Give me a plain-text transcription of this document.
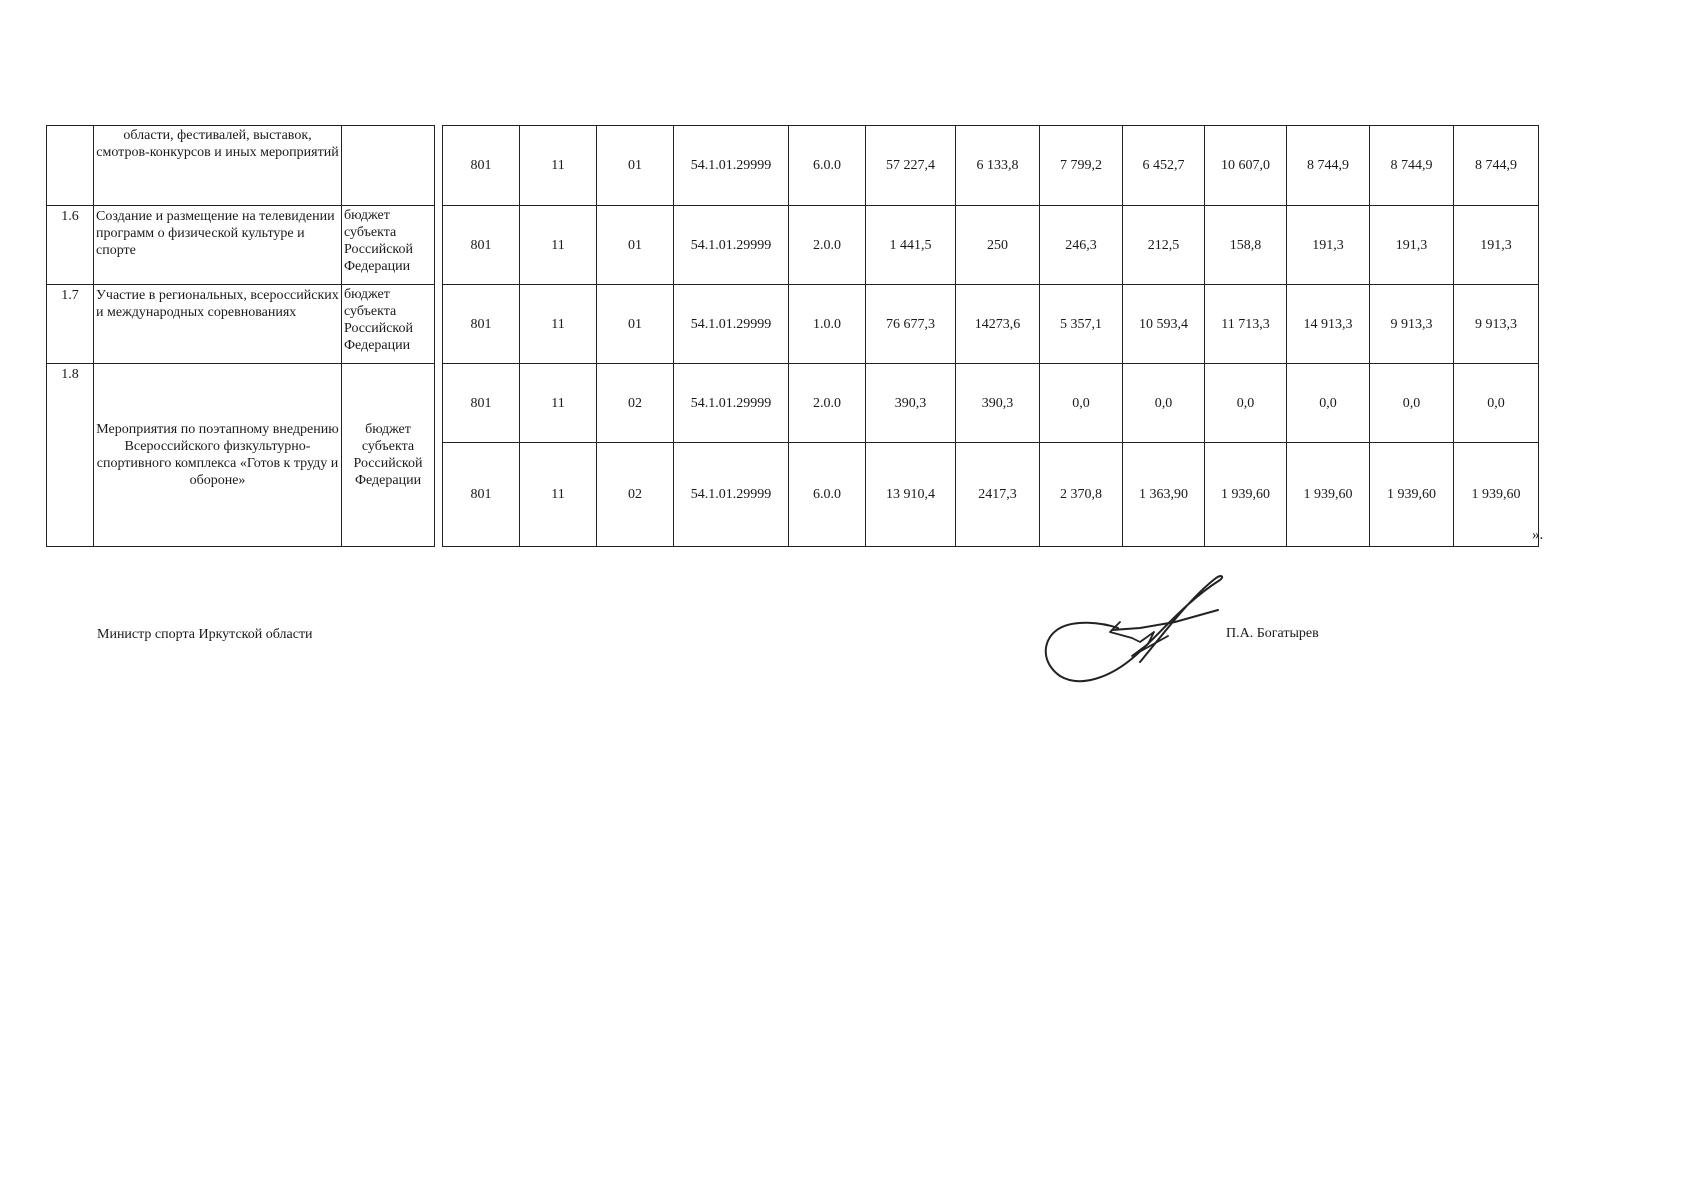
	области, фестивалей, выставок, смотров-конкурсов и иных мероприятий			801	11	01	54.1.01.29999	6.0.0	57 227,4	6 133,8	7 799,2	6 452,7	10 607,0	8 744,9	8 744,9	8 744,9
1.6	Создание и размещение на телевидении программ о физической культуре и спорте	бюджет субъекта Российской Федерации		801	11	01	54.1.01.29999	2.0.0	1 441,5	250	246,3	212,5	158,8	191,3	191,3	191,3
1.7	Участие в региональных, всероссийских и международных соревнованиях	бюджет субъекта Российской Федерации		801	11	01	54.1.01.29999	1.0.0	76 677,3	14273,6	5 357,1	10 593,4	11 713,3	14 913,3	9 913,3	9 913,3
1.8	Мероприятия по поэтапному внедрению Всероссийского физкультурно-спортивного комплекса «Готов к труду и обороне»	бюджет субъекта Российской Федерации		801	11	02	54.1.01.29999	2.0.0	390,3	390,3	0,0	0,0	0,0	0,0	0,0	0,0
				801	11	02	54.1.01.29999	6.0.0	13 910,4	2417,3	2 370,8	1 363,90	1 939,60	1 939,60	1 939,60	1 939,60
».
Министр спорта Иркутской области	П.А. Богатырев
